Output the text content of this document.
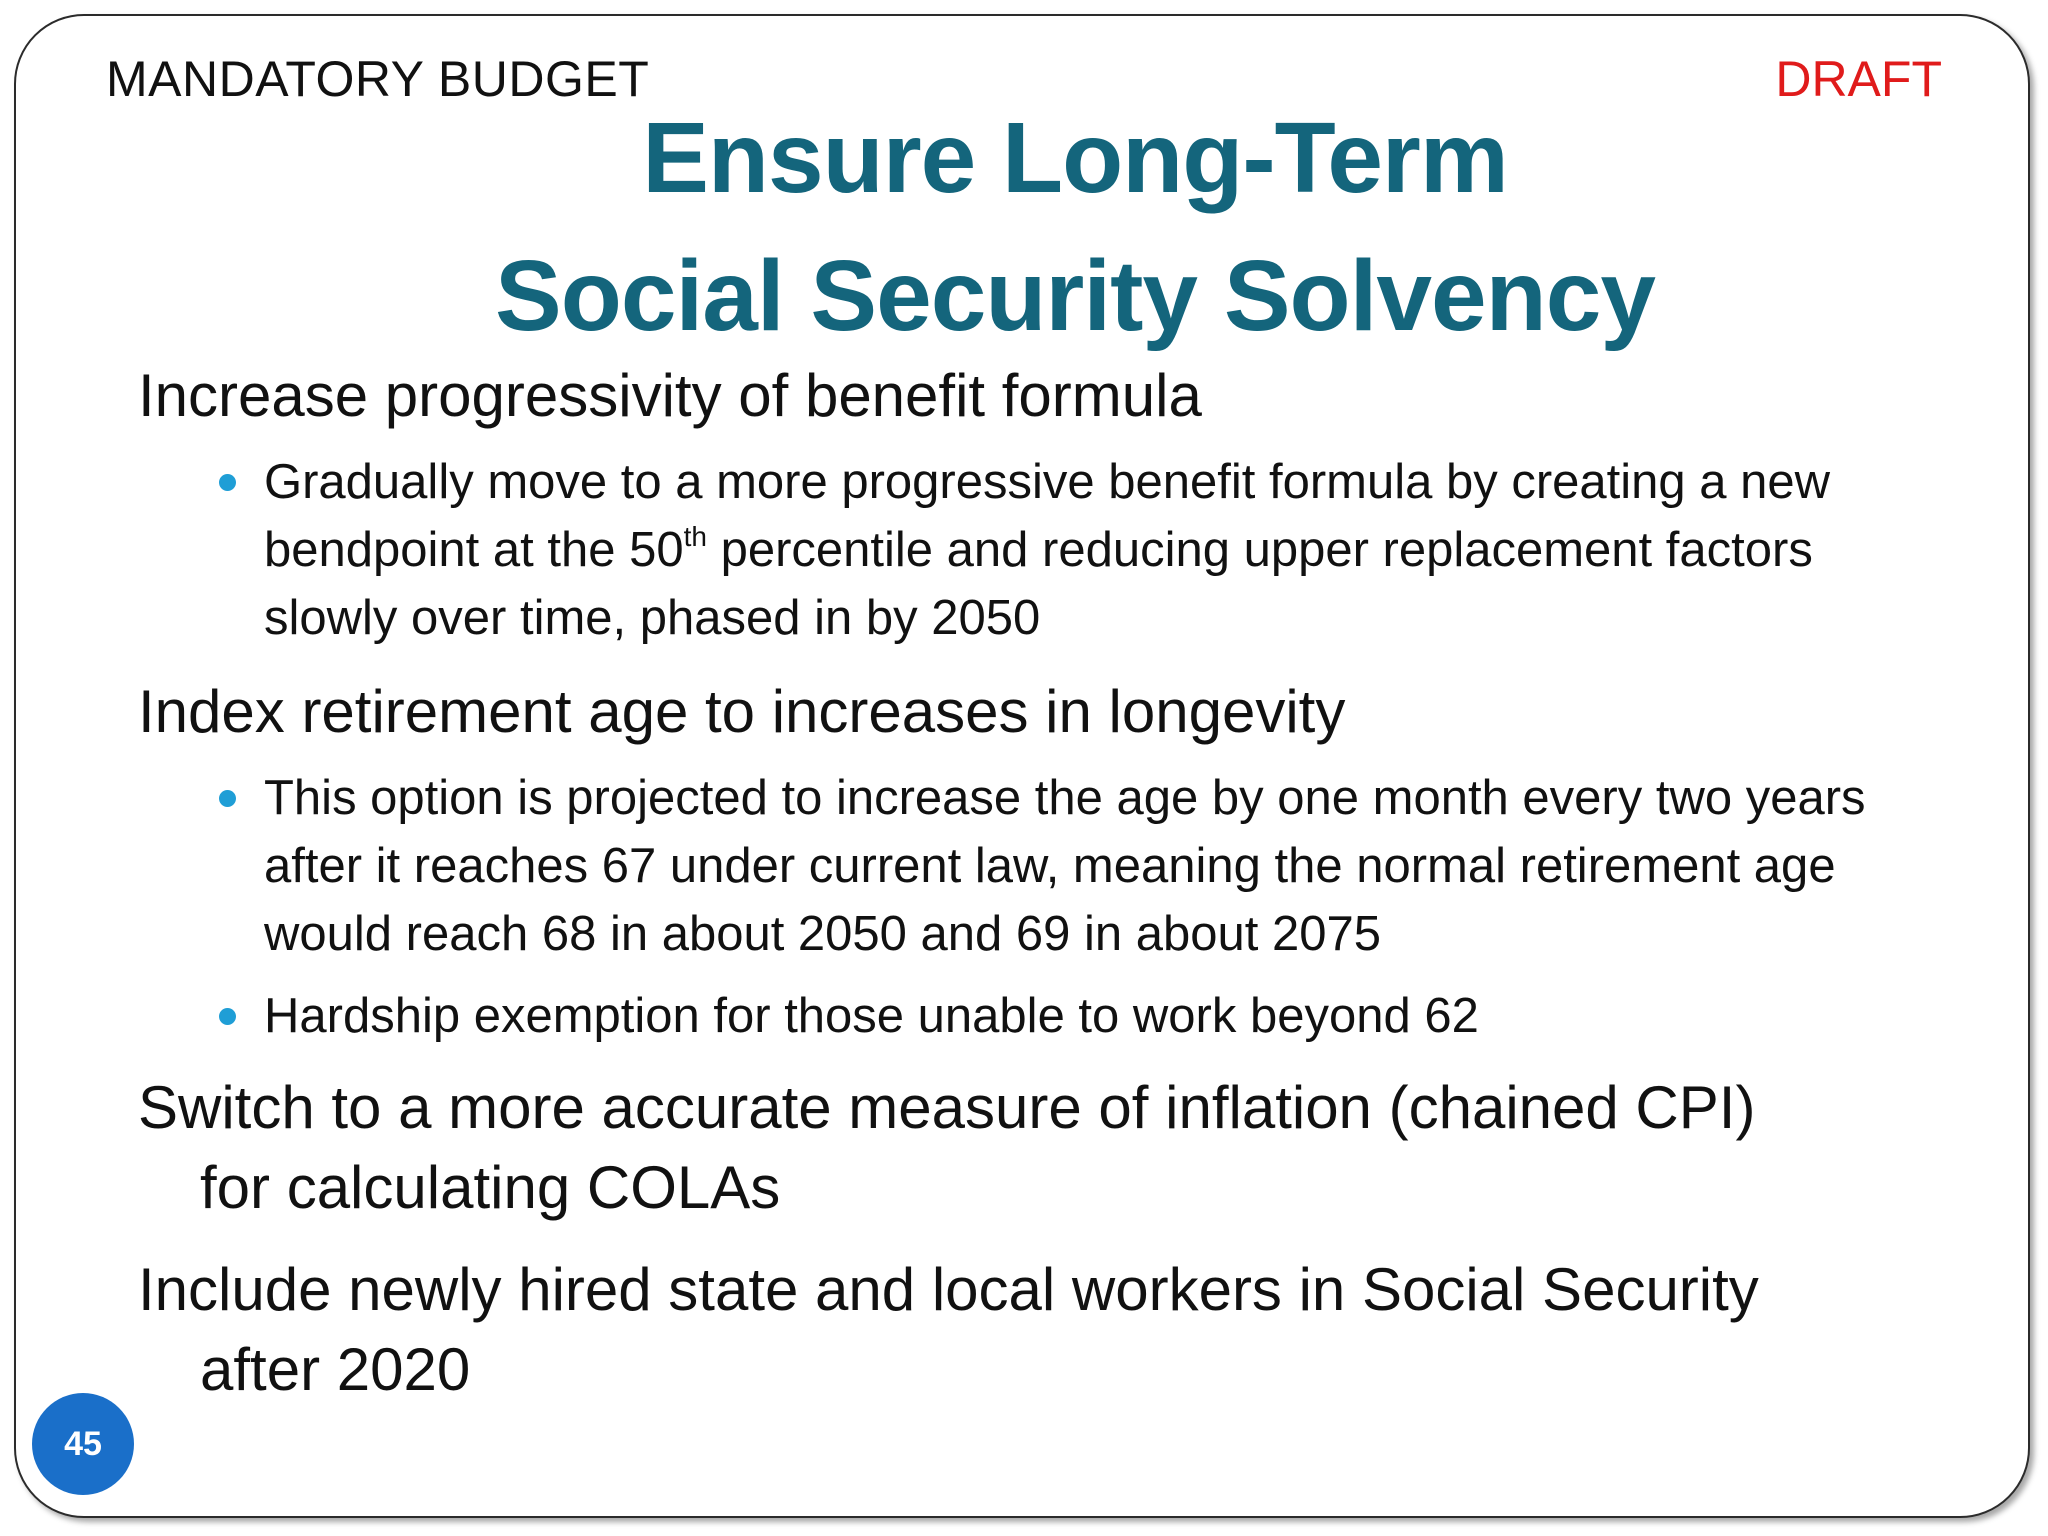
MANDATORY BUDGET	DRAFT
Ensure Long-Term
Social Security Solvency
Increase progressivity of benefit formula
Gradually move to a more progressive benefit formula by creating a new bendpoint at the 50th percentile and reducing upper replacement factors slowly over time, phased in by 2050
Index retirement age to increases in longevity
This option is projected to increase the age by one month every two years after it reaches 67 under current law, meaning the normal retirement age would reach 68 in about 2050 and 69 in about 2075
Hardship exemption for those unable to work beyond 62
Switch to a more accurate measure of inflation (chained CPI)
for calculating COLAs
Include newly hired state and local workers in Social Security
after 2020
45
